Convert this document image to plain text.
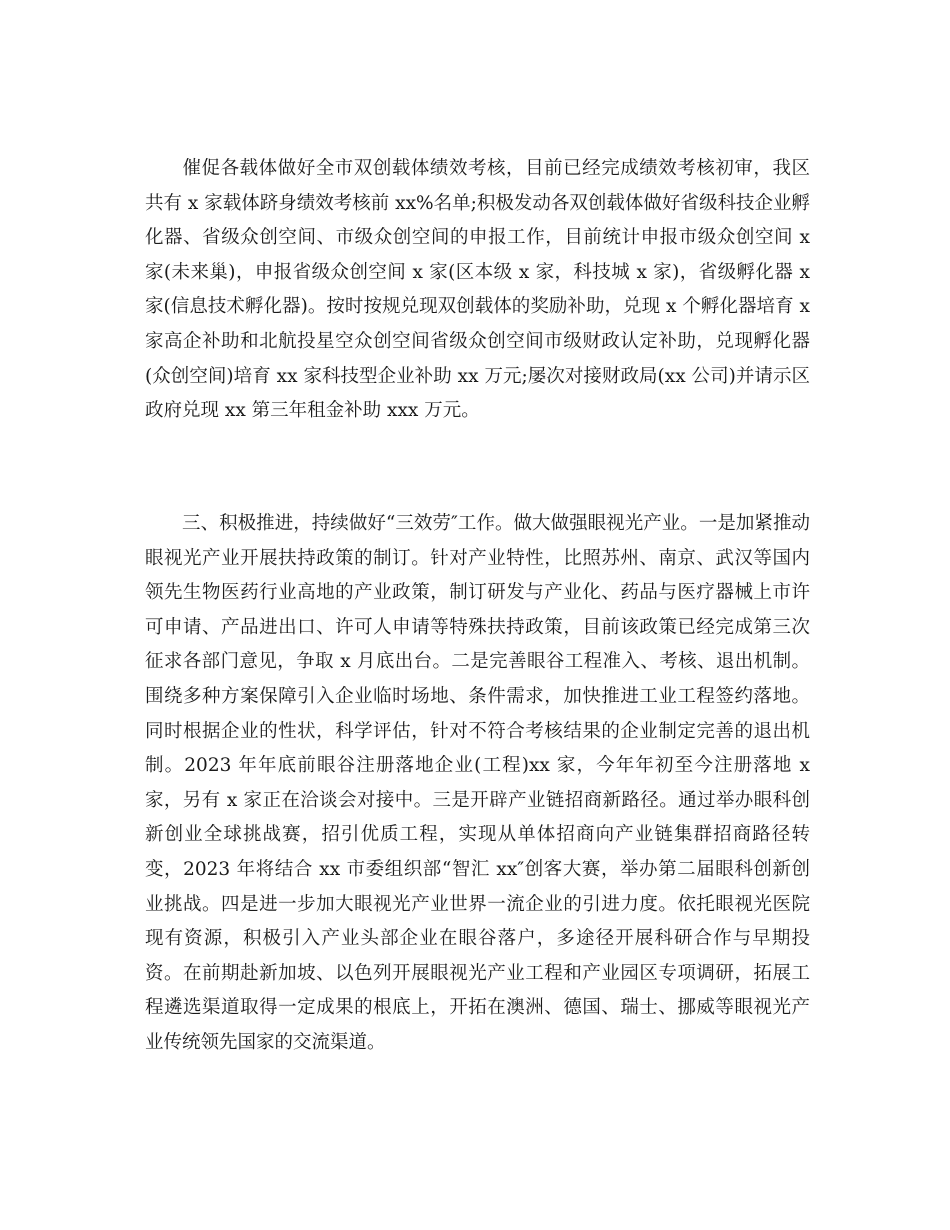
催促各载体做好全市双创载体绩效考核，目前已经完成绩效考核初审，我区共有 x 家载体跻身绩效考核前 xx%名单;积极发动各双创载体做好省级科技企业孵化器、省级众创空间、市级众创空间的申报工作，目前统计申报市级众创空间 x 家(未来巢)，申报省级众创空间 x 家(区本级 x 家，科技城 x 家)，省级孵化器 x 家(信息技术孵化器)。按时按规兑现双创载体的奖励补助，兑现 x 个孵化器培育 x 家高企补助和北航投星空众创空间省级众创空间市级财政认定补助，兑现孵化器(众创空间)培育 xx 家科技型企业补助 xx 万元;屡次对接财政局(xx 公司)并请示区政府兑现 xx 第三年租金补助 xxx 万元。

三、积极推进，持续做好“三效劳″工作。做大做强眼视光产业。一是加紧推动眼视光产业开展扶持政策的制订。针对产业特性，比照苏州、南京、武汉等国内领先生物医药行业高地的产业政策，制订研发与产业化、药品与医疗器械上市许可申请、产品进出口、许可人申请等特殊扶持政策，目前该政策已经完成第三次征求各部门意见，争取 x 月底出台。二是完善眼谷工程准入、考核、退出机制。围绕多种方案保障引入企业临时场地、条件需求，加快推进工业工程签约落地。同时根据企业的性状，科学评估，针对不符合考核结果的企业制定完善的退出机制。2023 年年底前眼谷注册落地企业(工程)xx 家，今年年初至今注册落地 x 家，另有 x 家正在洽谈会对接中。三是开辟产业链招商新路径。通过举办眼科创新创业全球挑战赛，招引优质工程，实现从单体招商向产业链集群招商路径转变，2023 年将结合 xx 市委组织部“智汇 xx″创客大赛，举办第二届眼科创新创业挑战。四是进一步加大眼视光产业世界一流企业的引进力度。依托眼视光医院现有资源，积极引入产业头部企业在眼谷落户，多途径开展科研合作与早期投资。在前期赴新加坡、以色列开展眼视光产业工程和产业园区专项调研，拓展工程遴选渠道取得一定成果的根底上，开拓在澳洲、德国、瑞士、挪威等眼视光产业传统领先国家的交流渠道。
